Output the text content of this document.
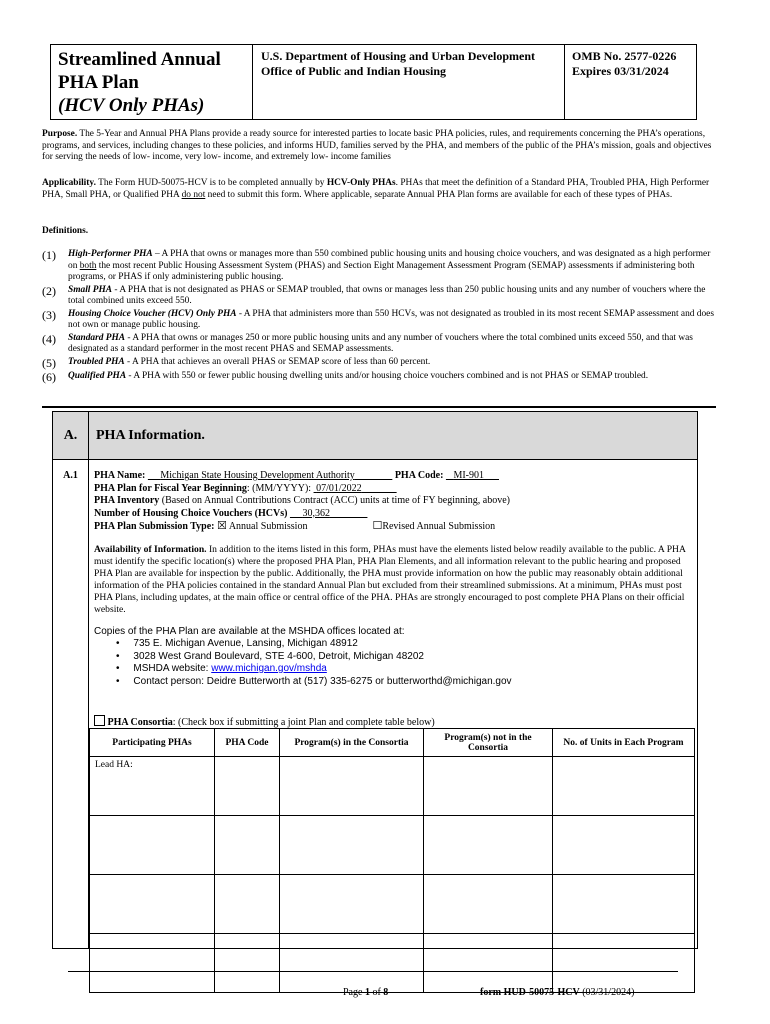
Streamlined Annual
PHA Plan
(HCV Only PHAs)
U.S. Department of Housing and Urban Development
Office of Public and Indian Housing
OMB No. 2577-0226
Expires 03/31/2024
Purpose. The 5-Year and Annual PHA Plans provide a ready source for interested parties to locate basic PHA policies, rules, and requirements concerning the PHA’s operations, programs, and services, including changes to these policies, and informs HUD, families served by the PHA, and members of the public of the PHA’s mission, goals and objectives for serving the needs of low- income, very low- income, and extremely low- income families
Applicability. The Form HUD-50075-HCV is to be completed annually by HCV-Only PHAs. PHAs that meet the definition of a Standard PHA, Troubled PHA, High Performer PHA, Small PHA, or Qualified PHA do not need to submit this form. Where applicable, separate Annual PHA Plan forms are available for each of these types of PHAs.
Definitions.
(1)	High-Performer PHA – A PHA that owns or manages more than 550 combined public housing units and housing choice vouchers, and was designated as a high performer on both the most recent Public Housing Assessment System (PHAS) and Section Eight Management Assessment Program (SEMAP) assessments if administering both programs, or PHAS if only administering public housing.
(2)	Small PHA - A PHA that is not designated as PHAS or SEMAP troubled, that owns or manages less than 250 public housing units and any number of vouchers where the total combined units exceed 550.
(3)	Housing Choice Voucher (HCV) Only PHA - A PHA that administers more than 550 HCVs, was not designated as troubled in its most recent SEMAP assessment and does not own or manage public housing.
(4)	Standard PHA - A PHA that owns or manages 250 or more public housing units and any number of vouchers where the total combined units exceed 550, and that was designated as a standard performer in the most recent PHAS and SEMAP assessments.
(5)	Troubled PHA - A PHA that achieves an overall PHAS or SEMAP score of less than 60 percent.
(6)	Qualified PHA - A PHA with 550 or fewer public housing dwelling units and/or housing choice vouchers combined and is not PHAS or SEMAP troubled.
A.	PHA Information.
A.1	PHA Name:      Michigan State Housing Development Authority	PHA Code:    MI-901
PHA Plan for Fiscal Year Beginning: (MM/YYYY): 07/01/2022
PHA Inventory (Based on Annual Contributions Contract (ACC) units at time of FY beginning, above)
Number of Housing Choice Vouchers (HCVs) 30,362
PHA Plan Submission Type: ☒ Annual Submission	☐Revised Annual Submission
Availability of Information. In addition to the items listed in this form, PHAs must have the elements listed below readily available to the public. A PHA must identify the specific location(s) where the proposed PHA Plan, PHA Plan Elements, and all information relevant to the public hearing and proposed PHA Plan are available for inspection by the public. Additionally, the PHA must provide information on how the public may reasonably obtain additional information of the PHA policies contained in the standard Annual Plan but excluded from their streamlined submissions. At a minimum, PHAs must post PHA Plans, including updates, at the main office or central office of the PHA. PHAs are strongly encouraged to post complete PHA Plans on their official website.
Copies of the PHA Plan are available at the MSHDA offices located at:
•     735 E. Michigan Avenue, Lansing, Michigan 48912
•     3028 West Grand Boulevard, STE 4-600, Detroit, Michigan 48202
•     MSHDA website: www.michigan.gov/mshda
•     Contact person: Deidre Butterworth at (517) 335-6275 or butterworthd@michigan.gov
PHA Consortia: (Check box if submitting a joint Plan and complete table below)
Participating PHAs	PHA Code	Program(s) in the Consortia	Program(s) not in the Consortia	No. of Units in Each Program
Lead HA:				

Page 1 of 8	form HUD-50075-HCV (03/31/2024)
